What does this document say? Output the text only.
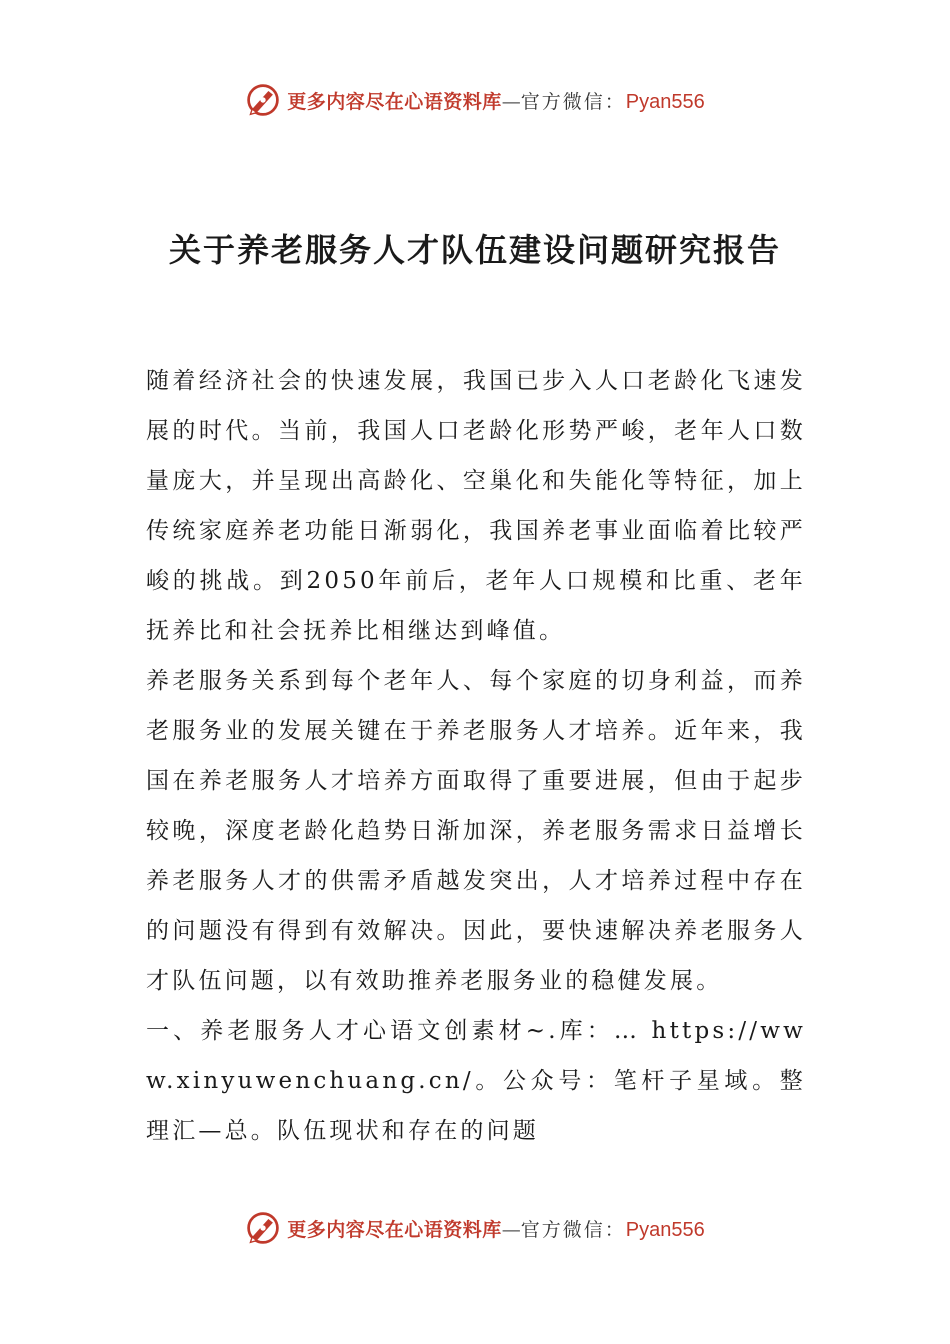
更多内容尽在心语资料库 — 官方微信： Pyan556
关于养老服务人才队伍建设问题研究报告

随着经济社会的快速发展，我国已步入人口老龄化飞速发展的时代。当前，我国人口老龄化形势严峻，老年人口数量庞大，并呈现出高龄化、空巢化和失能化等特征，加上传统家庭养老功能日渐弱化，我国养老事业面临着比较严峻的挑战。到2050年前后，老年人口规模和比重、老年抚养比和社会抚养比相继达到峰值。

养老服务关系到每个老年人、每个家庭的切身利益，而养老服务业的发展关键在于养老服务人才培养。近年来，我国在养老服务人才培养方面取得了重要进展，但由于起步较晚，深度老龄化趋势日渐加深，养老服务需求日益增长养老服务人才的供需矛盾越发突出，人才培养过程中存在的问题没有得到有效解决。因此，要快速解决养老服务人才队伍问题，以有效助推养老服务业的稳健发展。

一、养老服务人才心语文创素材~.库：… https://www.xinyuwenchuang.cn/。公众号：笔杆子星域。整理汇—总。队伍现状和存在的问题

更多内容尽在心语资料库 — 官方微信： Pyan556
